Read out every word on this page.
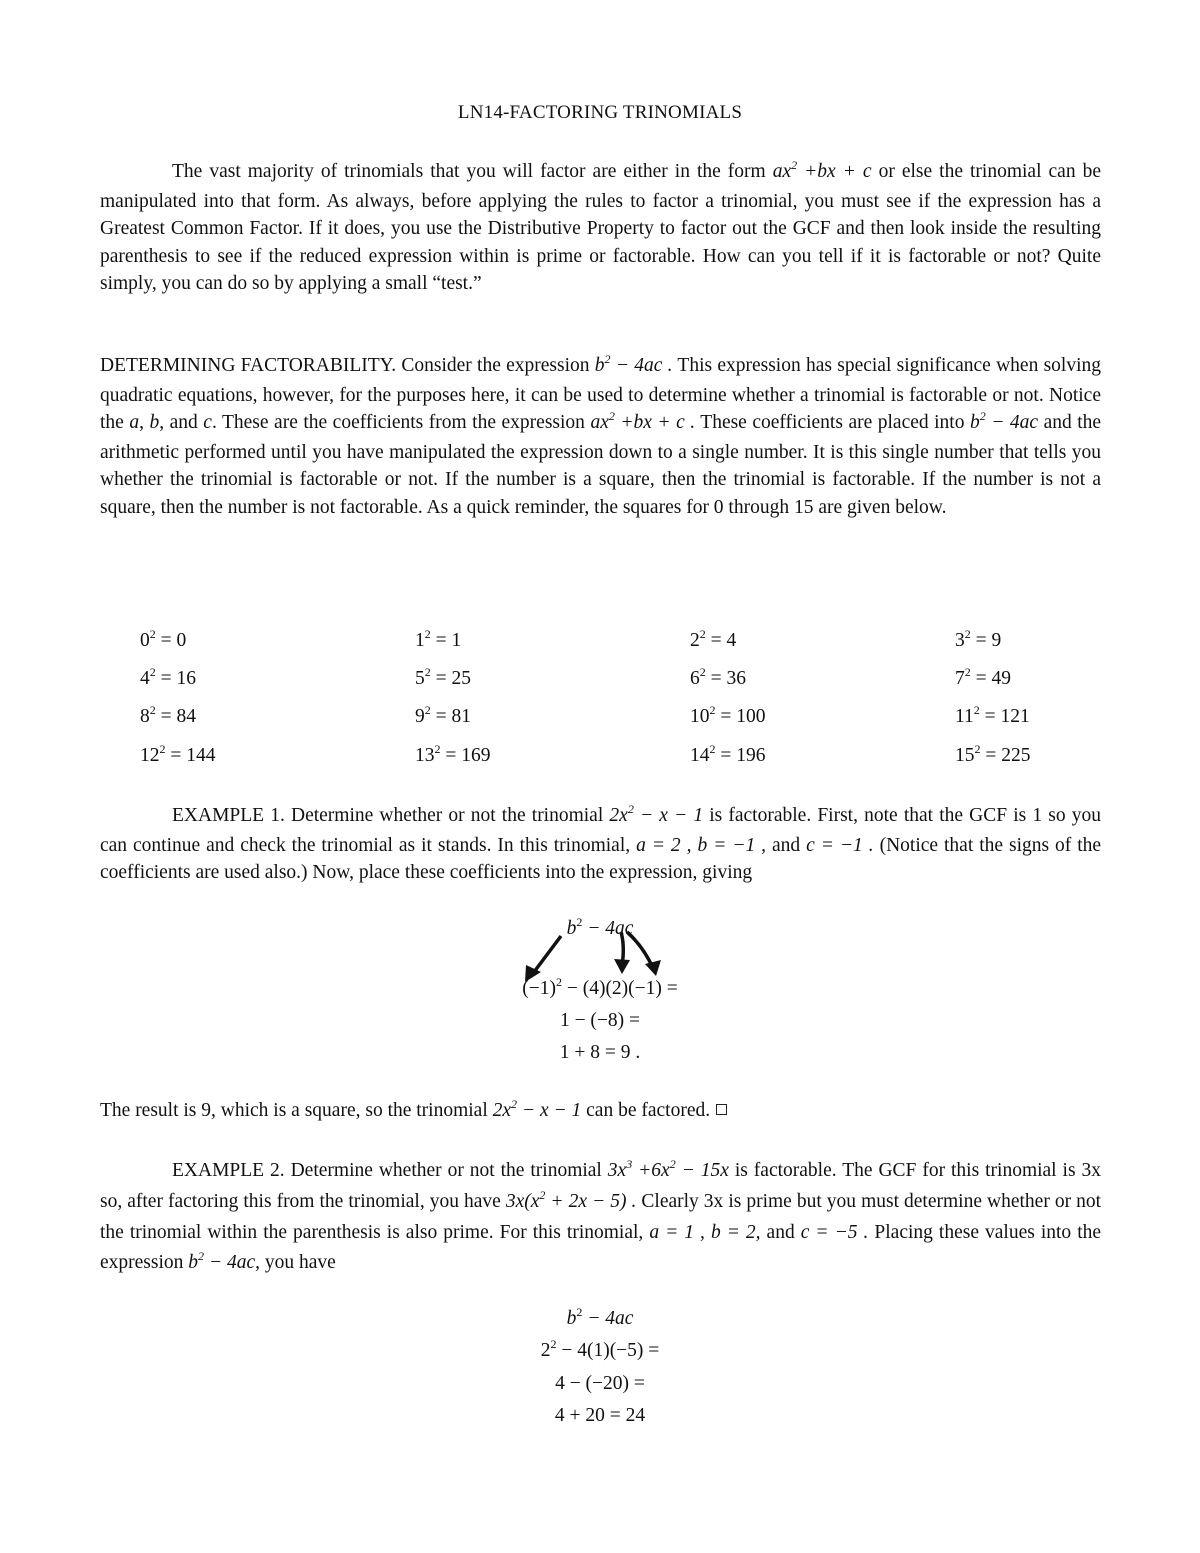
LN14-FACTORING TRINOMIALS

The vast majority of trinomials that you will factor are either in the form $ax^2 +bx + c$ or else the trinomial can be manipulated into that form. As always, before applying the rules to factor a trinomial, you must see if the expression has a Greatest Common Factor. If it does, you use the Distributive Property to factor out the GCF and then look inside the resulting parenthesis to see if the reduced expression within is prime or factorable. How can you tell if it is factorable or not? Quite simply, you can do so by applying a small “test.”

DETERMINING FACTORABILITY. Consider the expression $b^2 - 4ac$ . This expression has special significance when solving quadratic equations, however, for the purposes here, it can be used to determine whether a trinomial is factorable or not. Notice the a, b, and c. These are the coefficients from the expression $ax^2 +bx + c$ . These coefficients are placed into $b^2 - 4ac$ and the arithmetic performed until you have manipulated the expression down to a single number. It is this single number that tells you whether the trinomial is factorable or not. If the number is a square, then the trinomial is factorable. If the number is not a square, then the number is not factorable. As a quick reminder, the squares for 0 through 15 are given below.

$0^2 = 0$	$1^2 = 1$	$2^2 = 4$	$3^2 = 9$
$4^2 = 16$	$5^2 = 25$	$6^2 = 36$	$7^2 = 49$
$8^2 = 84$	$9^2 = 81$	$10^2 = 100$	$11^2 = 121$
$12^2 = 144$	$13^2 = 169$	$14^2 = 196$	$15^2 = 225$

EXAMPLE 1. Determine whether or not the trinomial $2x^2 - x - 1$ is factorable. First, note that the GCF is 1 so you can continue and check the trinomial as it stands. In this trinomial, a = 2 , b = −1 , and c = −1 . (Notice that the signs of the coefficients are used also.) Now, place these coefficients into the expression, giving

$b^2 - 4ac$
$(-1)^2 - (4)(2)(-1)$ =
1 − (−8) =
1 + 8 = 9 .

The result is 9, which is a square, so the trinomial $2x^2 - x - 1$ can be factored.

EXAMPLE 2. Determine whether or not the trinomial $3x^3 +6x^2 - 15x$ is factorable. The GCF for this trinomial is 3x so, after factoring this from the trinomial, you have $3x(x^2 + 2x - 5)$ . Clearly 3x is prime but you must determine whether or not the trinomial within the parenthesis is also prime. For this trinomial, a = 1 , b = 2, and c = −5 . Placing these values into the expression $b^2 - 4ac$, you have

$b^2 - 4ac$
$2^2 - 4(1)(-5)$ =
4 − (−20) =
4 + 20 = 24
